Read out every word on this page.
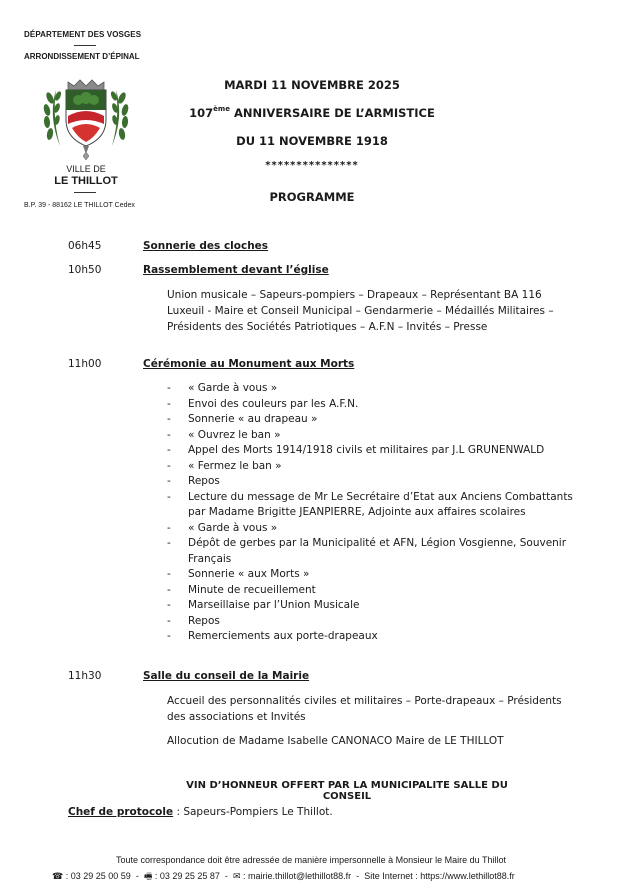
DÉPARTEMENT DES VOSGES
ARRONDISSEMENT D’ÉPINAL
VILLE DE
LE THILLOT
B.P. 39 - 88162 LE THILLOT Cedex
MARDI 11 NOVEMBRE 2025
107ème ANNIVERSAIRE DE L’ARMISTICE
DU 11 NOVEMBRE 1918
***************
PROGRAMME
06h45	Sonnerie des cloches
10h50	Rassemblement devant l’église
Union musicale – Sapeurs-pompiers – Drapeaux – Représentant BA 116 Luxeuil - Maire et Conseil Municipal – Gendarmerie – Médaillés Militaires – Présidents des Sociétés Patriotiques – A.F.N – Invités – Presse
11h00	Cérémonie au Monument aux Morts
- « Garde à vous »
- Envoi des couleurs par les A.F.N.
- Sonnerie « au drapeau »
- « Ouvrez le ban »
- Appel des Morts 1914/1918 civils et militaires par J.L GRUNENWALD
- « Fermez le ban »
- Repos
- Lecture du message de Mr Le Secrétaire d’Etat aux Anciens Combattants par Madame Brigitte JEANPIERRE, Adjointe aux affaires scolaires
- « Garde à vous »
- Dépôt de gerbes par la Municipalité et AFN, Légion Vosgienne, Souvenir Français
- Sonnerie « aux Morts »
- Minute de recueillement
- Marseillaise par l’Union Musicale
- Repos
- Remerciements aux porte-drapeaux
11h30	Salle du conseil de la Mairie
Accueil des personnalités civiles et militaires – Porte-drapeaux – Présidents des associations et Invités
Allocution de Madame Isabelle CANONACO Maire de LE THILLOT
VIN D’HONNEUR OFFERT PAR LA MUNICIPALITE SALLE DU CONSEIL
Chef de protocole : Sapeurs-Pompiers Le Thillot.
Toute correspondance doit être adressée de manière impersonnelle à Monsieur le Maire du Thillot
☎ : 03 29 25 00 59 - 🖷 : 03 29 25 25 87 - ✉ : mairie.thillot@lethillot88.fr - Site Internet : https://www.lethillot88.fr
